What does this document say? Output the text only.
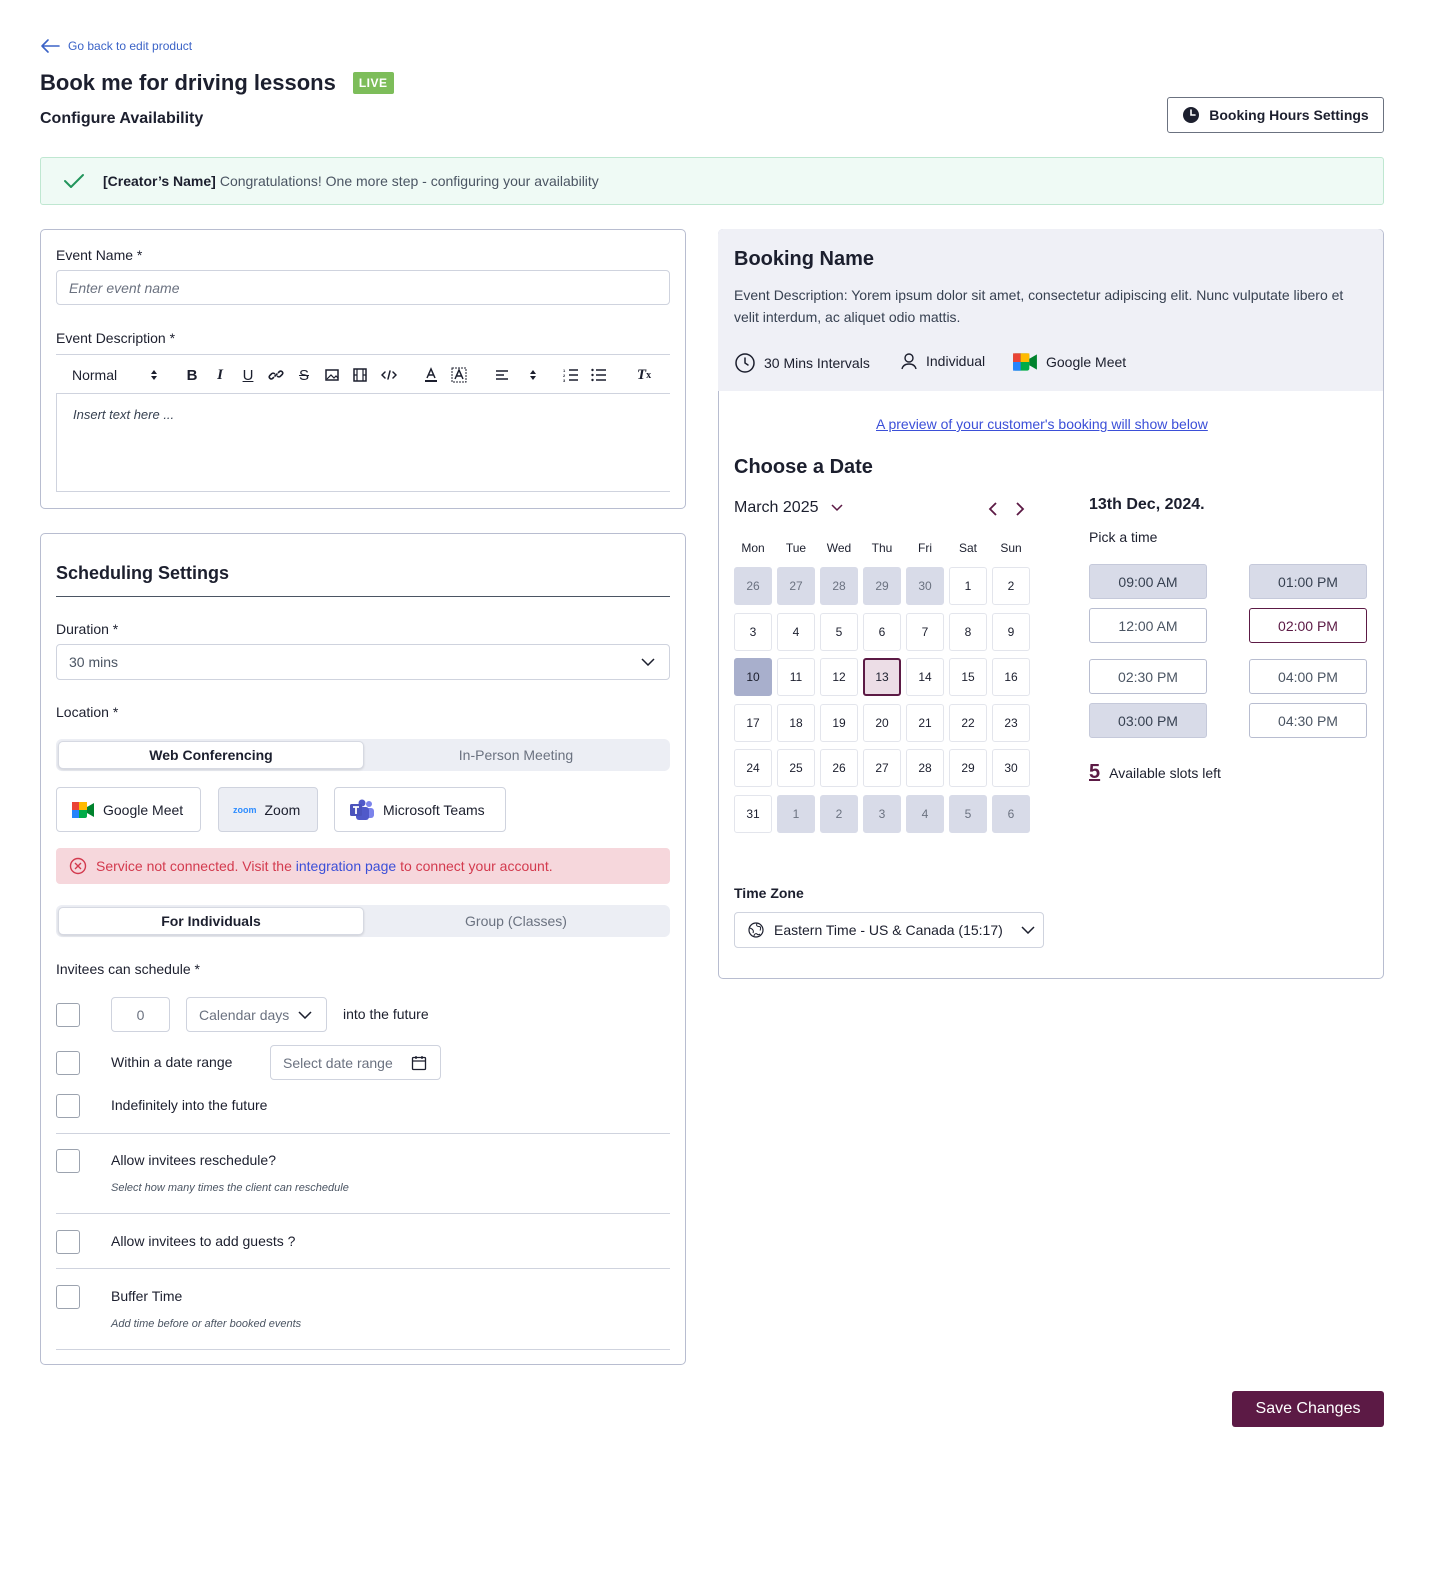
Go back to edit product
Book me for driving lessons	LIVE
Configure Availability	Booking Hours Settings
[Creator’s Name] Congratulations! One more step - configuring your availability
Event Name *
Enter event name
Event Description *
Normal	B	I	U	S	1
2
3	T x
Insert text here ...
Scheduling Settings
Duration *
30 mins
Location *
Web Conferencing	In-Person Meeting
Google Meet	zoom Zoom	Microsoft Teams
Service not connected. Visit the integration page to connect your account.
For Individuals	Group (Classes)
Invitees can schedule *
0	Calendar days	into the future
Within a date range	Select date range
Indefinitely into the future
Allow invitees reschedule?
Select how many times the client can reschedule
Allow invitees to add guests ?
Buffer Time
Add time before or after booked events
Booking Name
Event Description: Yorem ipsum dolor sit amet, consectetur adipiscing elit. Nunc vulputate libero et velit interdum, ac aliquet odio mattis.
30 Mins Intervals	Individual	Google Meet
A preview of your customer's booking will show below
Choose a Date
March 2025
26	27	28	29	30	1	2
3	4	5	6	7	8	9
10	11	12	13	14	15	16
17	18	19	20	21	22	23
24	25	26	27	28	29	30
31	1	2	3	4	5	6
13th Dec, 2024.
Pick a time
09:00 AM	01:00 PM
12:00 AM	02:00 PM
02:30 PM	04:00 PM
03:00 PM	04:30 PM
5 Available slots left
Time Zone
Eastern Time - US & Canada (15:17)
Save Changes
Mon	Tue	Wed	Thu	Fri	Sat	Sun
